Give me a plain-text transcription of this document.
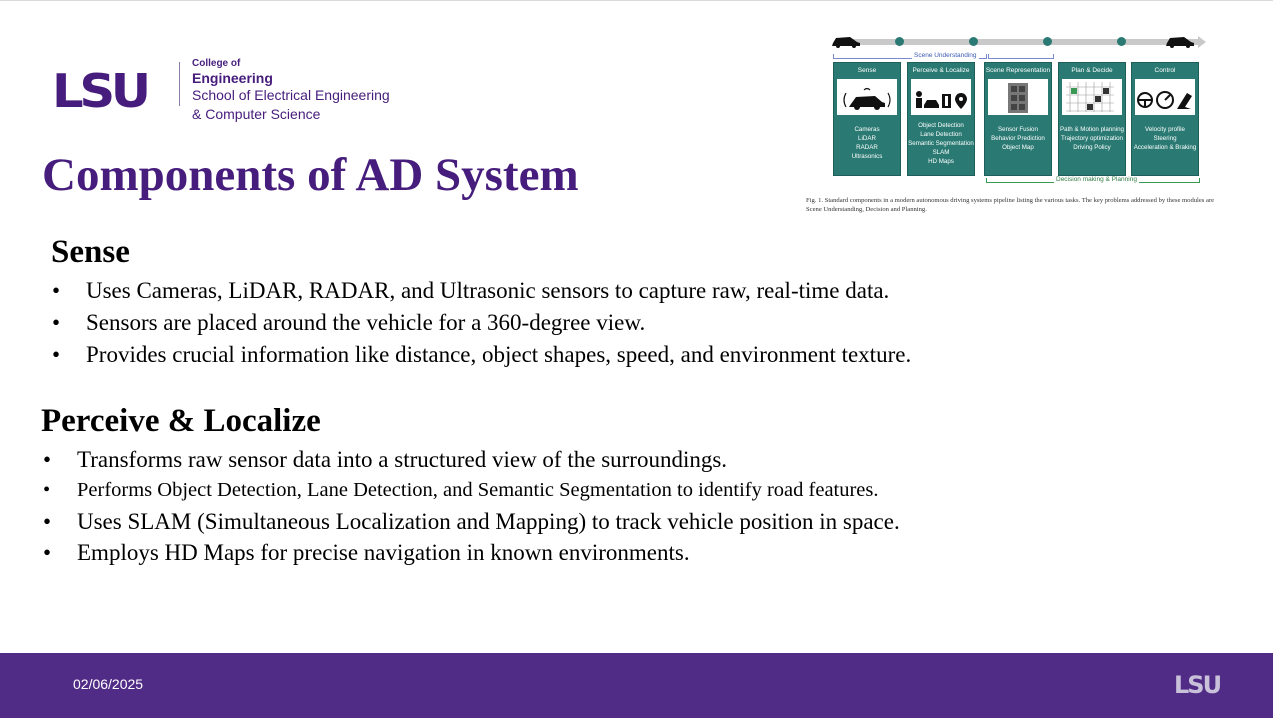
LSU
College of
Engineering
School of Electrical Engineering
& Computer Science
Components of AD System
Scene Understanding
Sense
Cameras
LiDAR
RADAR
Ultrasonics
Perceive & Localize
Object Detection
Lane Detection
Semantic Segmentation
SLAM
HD Maps
Scene Representation
Sensor Fusion
Behavior Prediction
Object Map
Plan & Decide
Path & Motion planning
Trajectory optimization
Driving Policy
Control
Velocity profile
Steering
Acceleration & Braking
Decision making & Planning
Fig. 1. Standard components in a modern autonomous driving systems pipeline listing the various tasks. The key problems addressed by these modules are Scene Understanding, Decision and Planning.
Sense
• Uses Cameras, LiDAR, RADAR, and Ultrasonic sensors to capture raw, real-time data.
• Sensors are placed around the vehicle for a 360-degree view.
• Provides crucial information like distance, object shapes, speed, and environment texture.
Perceive & Localize
• Transforms raw sensor data into a structured view of the surroundings.
• Performs Object Detection, Lane Detection, and Semantic Segmentation to identify road features.
• Uses SLAM (Simultaneous Localization and Mapping) to track vehicle position in space.
• Employs HD Maps for precise navigation in known environments.
02/06/2025	LSU
